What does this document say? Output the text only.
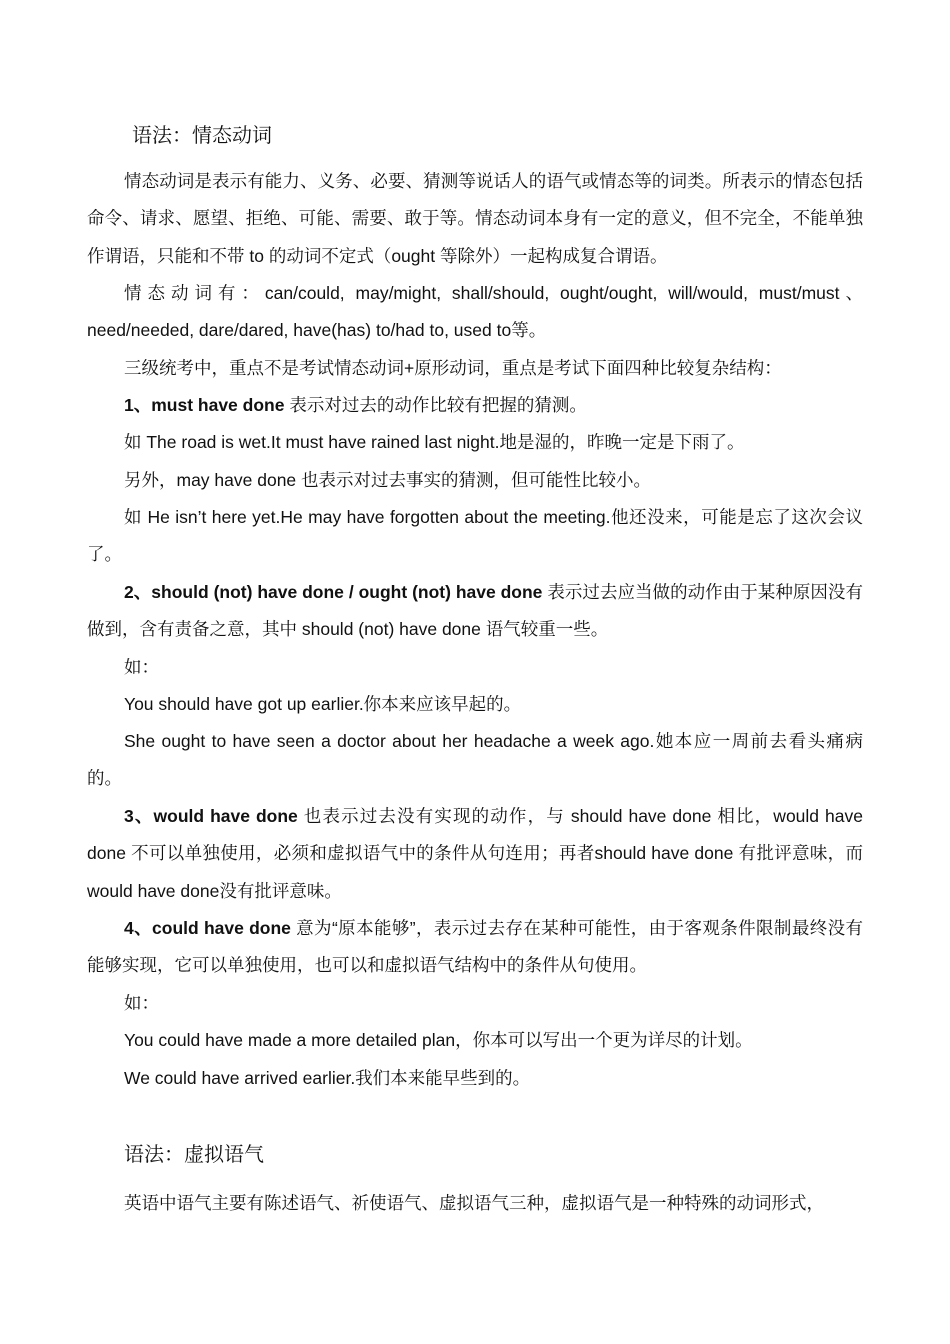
语法：情态动词
情态动词是表示有能力、义务、必要、猜测等说话人的语气或情态等的词类。所表示的情态包括命令、请求、愿望、拒绝、可能、需要、敢于等。情态动词本身有一定的意义，但不完全，不能单独作谓语，只能和不带 to 的动词不定式（ought 等除外）一起构成复合谓语。
情态动词有：can/could, may/might, shall/should, ought/ought, will/would, must/must、need/needed, dare/dared, have(has) to/had to, used to等。
三级统考中，重点不是考试情态动词+原形动词，重点是考试下面四种比较复杂结构：
1、must have done 表示对过去的动作比较有把握的猜测。
如 The road is wet.It must have rained last night.地是湿的，昨晚一定是下雨了。
另外，may have done 也表示对过去事实的猜测，但可能性比较小。
如 He isn’t here yet.He may have forgotten about the meeting.他还没来，可能是忘了这次会议了。
2、should (not) have done / ought (not) have done 表示过去应当做的动作由于某种原因没有做到，含有责备之意，其中 should (not) have done 语气较重一些。
如：
You should have got up earlier.你本来应该早起的。
She ought to have seen a doctor about her headache a week ago.她本应一周前去看头痛病的。
3、would have done 也表示过去没有实现的动作，与 should have done 相比，would have done 不可以单独使用，必须和虚拟语气中的条件从句连用；再者should have done 有批评意味，而 would have done没有批评意味。
4、could have done 意为“原本能够”，表示过去存在某种可能性，由于客观条件限制最终没有能够实现，它可以单独使用，也可以和虚拟语气结构中的条件从句使用。
如：
You could have made a more detailed plan，你本可以写出一个更为详尽的计划。
We could have arrived earlier.我们本来能早些到的。
语法：虚拟语气
英语中语气主要有陈述语气、祈使语气、虚拟语气三种，虚拟语气是一种特殊的动词形式，
